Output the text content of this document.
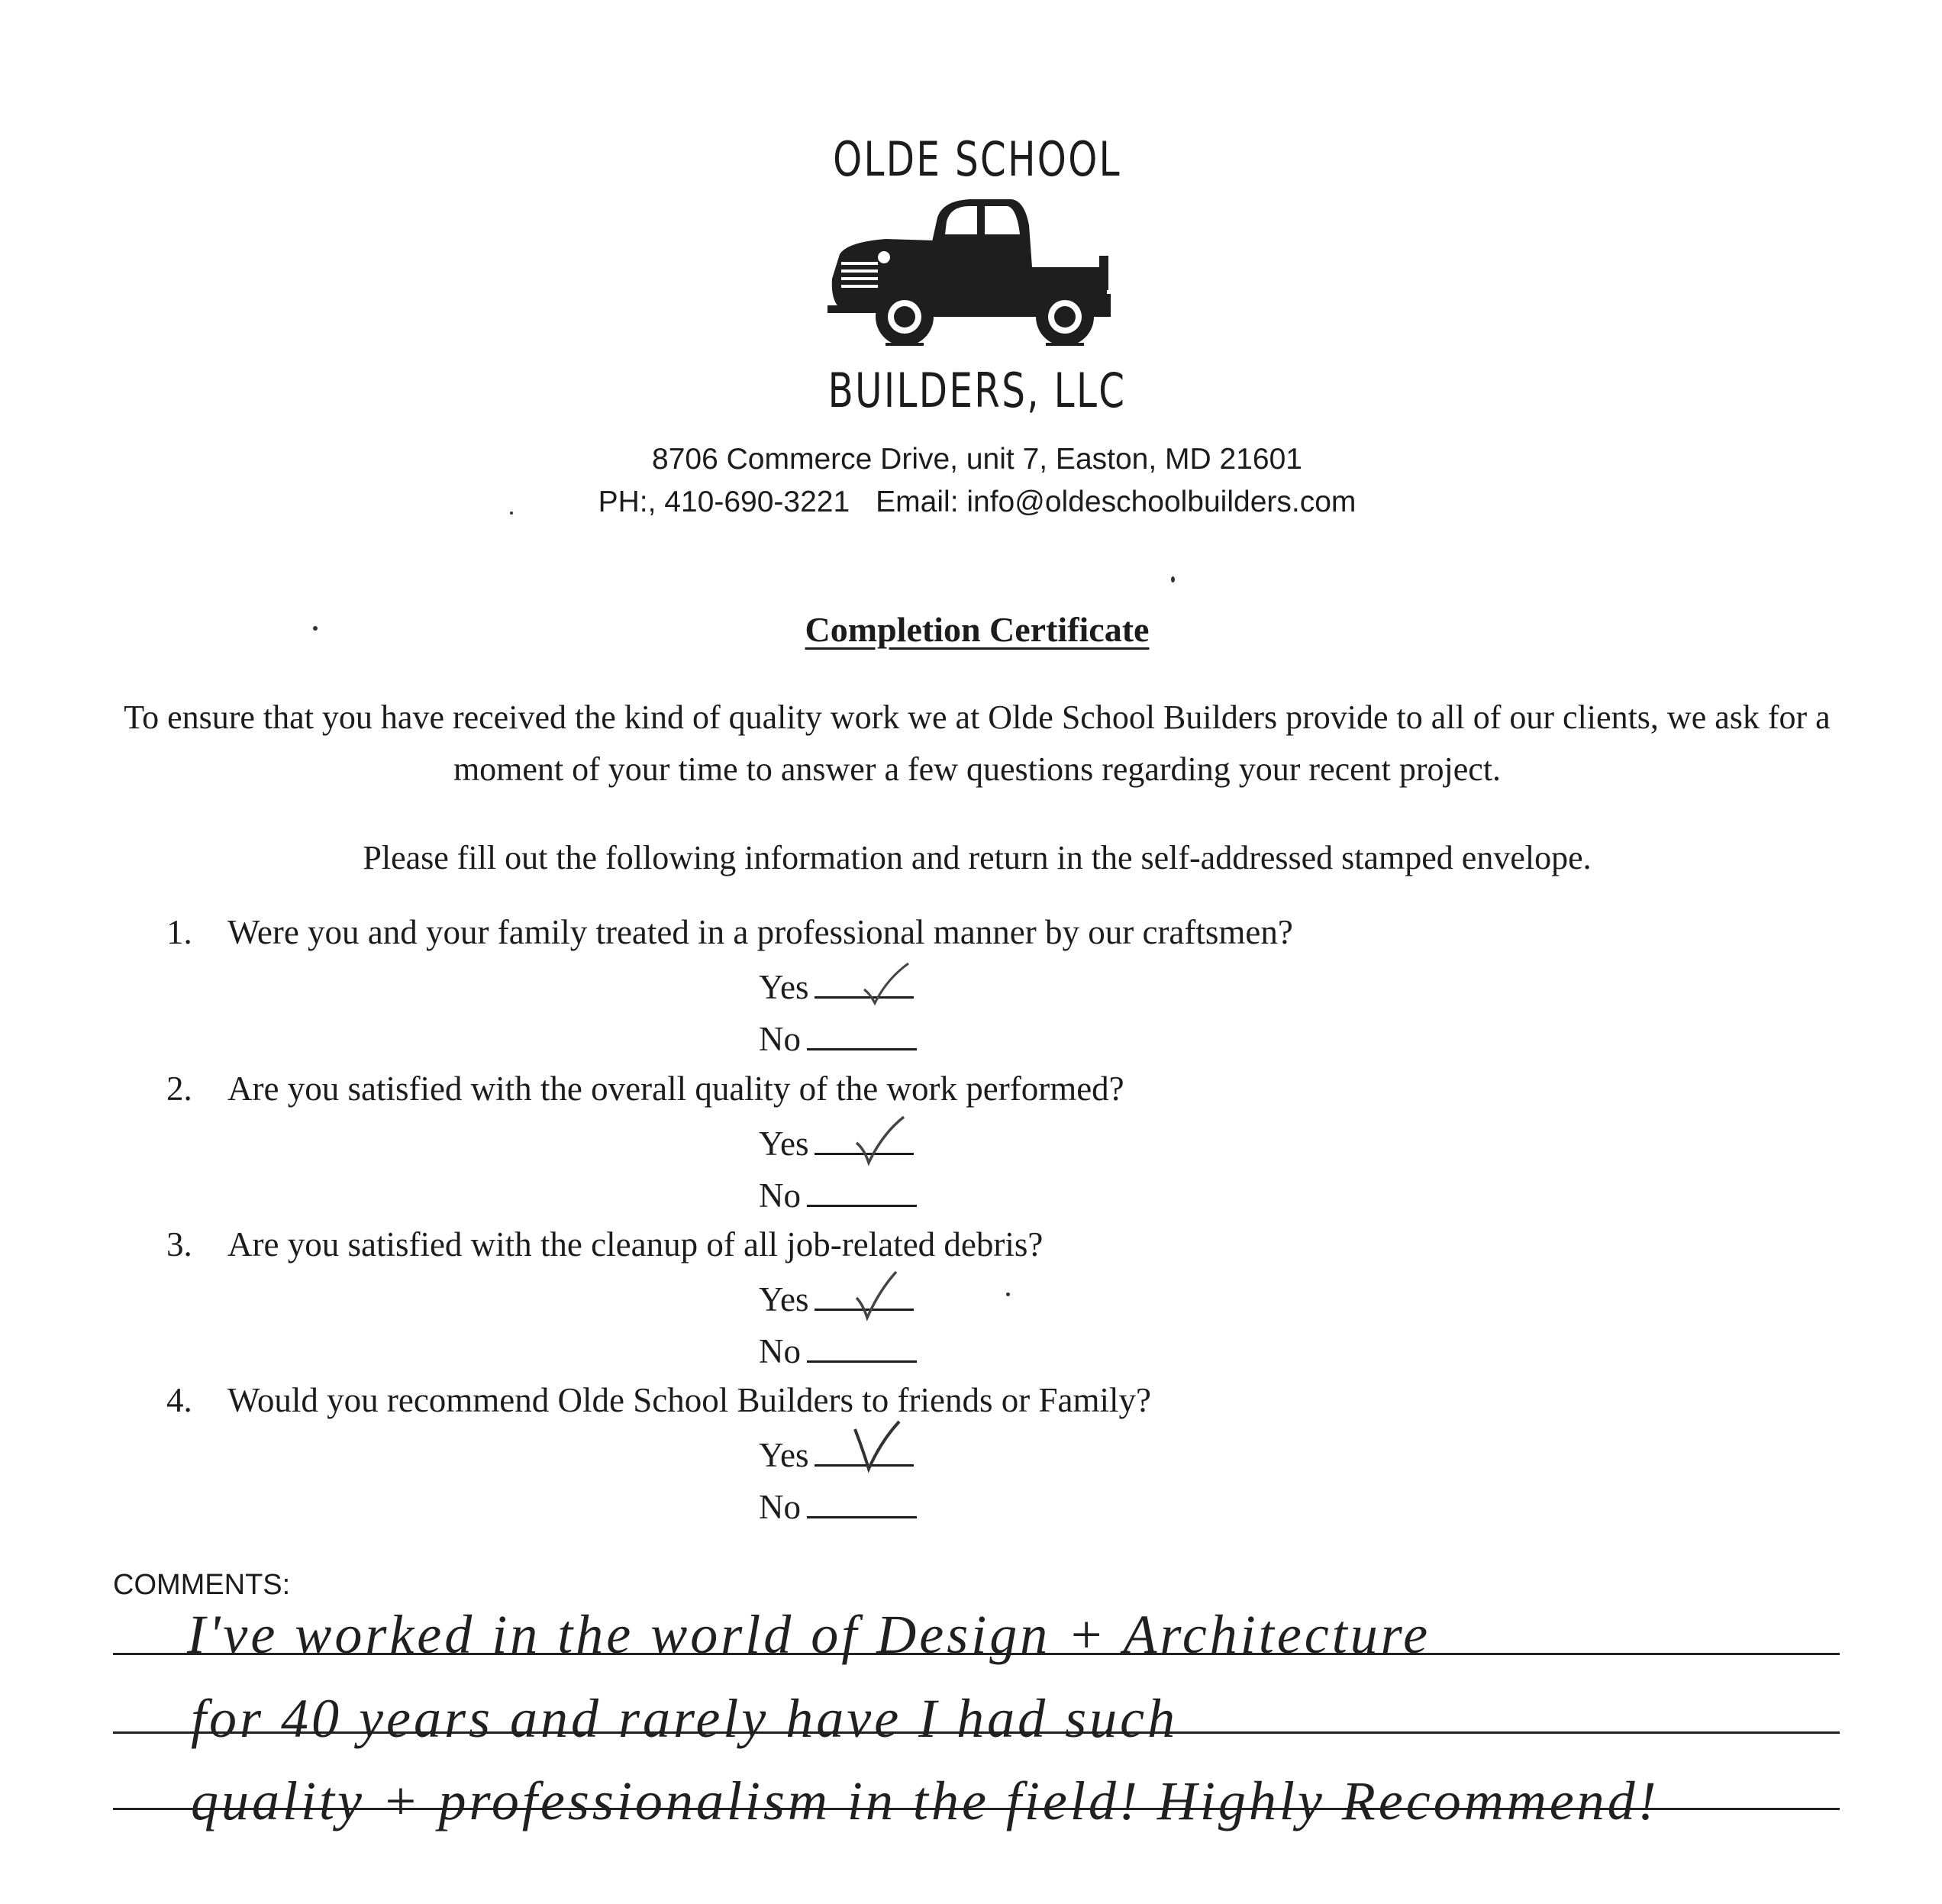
OLDE SCHOOL
BUILDERS, LLC
8706 Commerce Drive, unit 7, Easton, MD 21601
PH:, 410-690-3221 Email: info@oldeschoolbuilders.com
Completion Certificate
To ensure that you have received the kind of quality work we at Olde School Builders provide to all of our clients, we ask for a moment of your time to answer a few questions regarding your recent project.
Please fill out the following information and return in the self-addressed stamped envelope.
1. Were you and your family treated in a professional manner by our craftsmen?
Yes
No
2. Are you satisfied with the overall quality of the work performed?
Yes
No
3. Are you satisfied with the cleanup of all job-related debris?
Yes
No
4. Would you recommend Olde School Builders to friends or Family?
Yes
No
COMMENTS:
I've worked in the world of Design + Architecture
for 40 years and rarely have I had such
quality + professionalism in the field! Highly Recommend!
